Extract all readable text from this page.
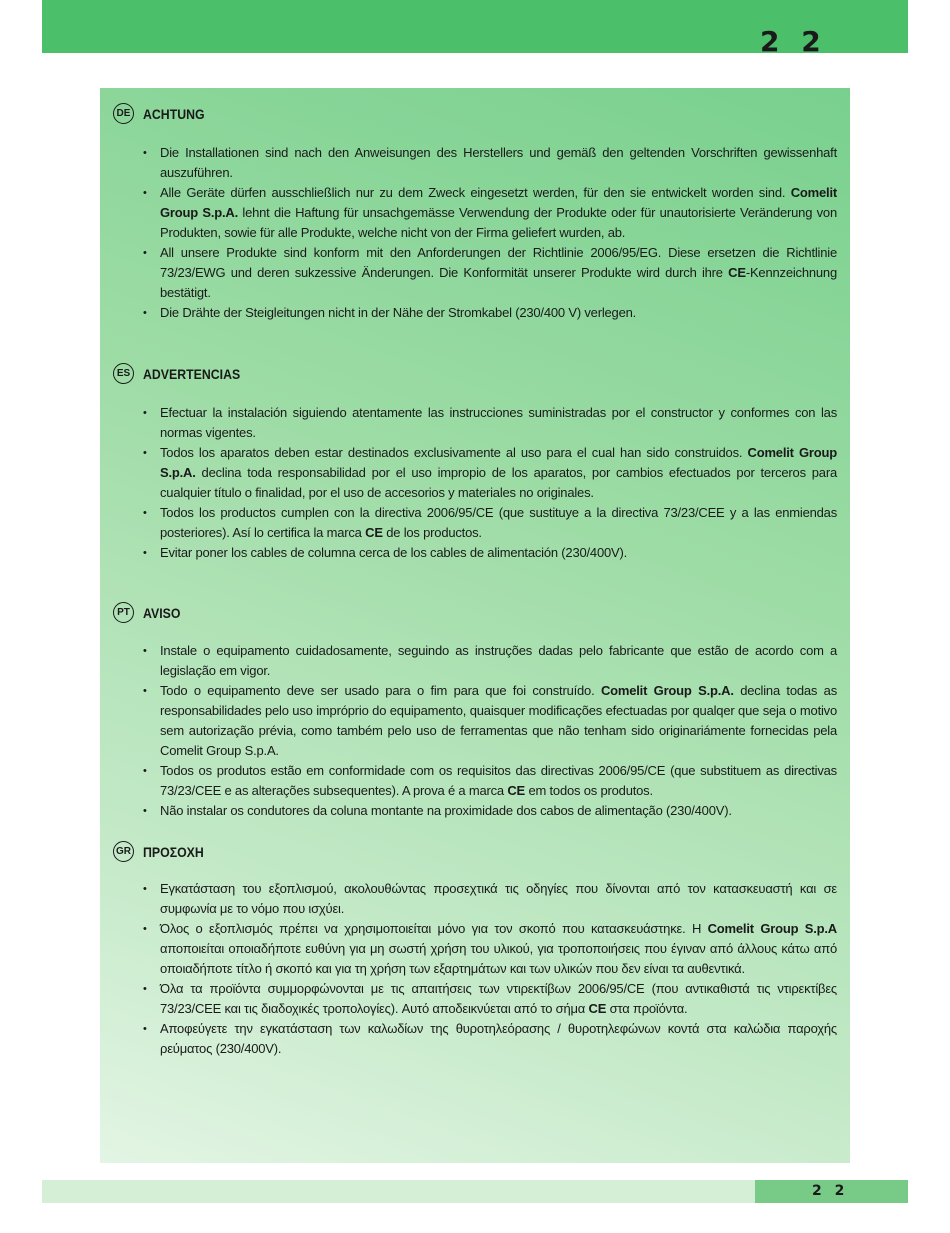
2 2
DE ACHTUNG
• Die Installationen sind nach den Anweisungen des Herstellers und gemäß den geltenden Vorschriften gewissenhaft auszuführen.
• Alle Geräte dürfen ausschließlich nur zu dem Zweck eingesetzt werden, für den sie entwickelt worden sind. Comelit Group S.p.A. lehnt die Haftung für unsachgemässe Verwendung der Produkte oder für unautorisierte Veränderung von Produkten, sowie für alle Produkte, welche nicht von der Firma geliefert wurden, ab.
• All unsere Produkte sind konform mit den Anforderungen der Richtlinie 2006/95/EG. Diese ersetzen die Richtlinie 73/23/EWG und deren sukzessive Änderungen. Die Konformität unserer Produkte wird durch ihre CE-Kennzeichnung bestätigt.
• Die Drähte der Steigleitungen nicht in der Nähe der Stromkabel (230/400 V) verlegen.
ES ADVERTENCIAS
• Efectuar la instalación siguiendo atentamente las instrucciones suministradas por el constructor y conformes con las normas vigentes.
• Todos los aparatos deben estar destinados exclusivamente al uso para el cual han sido construidos. Comelit Group S.p.A. declina toda responsabilidad por el uso impropio de los aparatos, por cambios efectuados por terceros para cualquier título o finalidad, por el uso de accesorios y materiales no originales.
• Todos los productos cumplen con la directiva 2006/95/CE (que sustituye a la directiva 73/23/CEE y a las enmiendas posteriores). Así lo certifica la marca CE de los productos.
• Evitar poner los cables de columna cerca de los cables de alimentación (230/400V).
PT AVISO
• Instale o equipamento cuidadosamente, seguindo as instruções dadas pelo fabricante que estão de acordo com a legislação em vigor.
• Todo o equipamento deve ser usado para o fim para que foi construído. Comelit Group S.p.A. declina todas as responsabilidades pelo uso impróprio do equipamento, quaisquer modificações efectuadas por qualqer que seja o motivo sem autorização prévia, como também pelo uso de ferramentas que não tenham sido originariámente fornecidas pela Comelit Group S.p.A.
• Todos os produtos estão em conformidade com os requisitos das directivas 2006/95/CE (que substituem as directivas 73/23/CEE e as alterações subsequentes). A prova é a marca CE em todos os produtos.
• Não instalar os condutores da coluna montante na proximidade dos cabos de alimentação (230/400V).
GR ΠΡΟΣΟΧΗ
• Εγκατάσταση του εξοπλισμού, ακολουθώντας προσεχτικά τις οδηγίες που δίνονται από τον κατασκευαστή και σε συμφωνία με το νόμο που ισχύει.
• Όλος ο εξοπλισμός πρέπει να χρησιμοποιείται μόνο για τον σκοπό που κατασκευάστηκε. Η Comelit Group S.p.A αποποιείται οποιαδήποτε ευθύνη για μη σωστή χρήση του υλικού, για τροποποιήσεις που έγιναν από άλλους κάτω από οποιαδήποτε τίτλο ή σκοπό και για τη χρήση των εξαρτημάτων και των υλικών που δεν είναι τα αυθεντικά.
• Όλα τα προϊόντα συμμορφώνονται με τις απαιτήσεις των ντιρεκτίβων 2006/95/CE (που αντικαθιστά τις ντιρεκτίβες 73/23/CEE και τις διαδοχικές τροπολογίες). Αυτό αποδεικνύεται από το σήμα CE στα προϊόντα.
• Αποφεύγετε την εγκατάσταση των καλωδίων της θυροτηλεόρασης / θυροτηλεφώνων κοντά στα καλώδια παροχής ρεύματος (230/400V).
2 2
